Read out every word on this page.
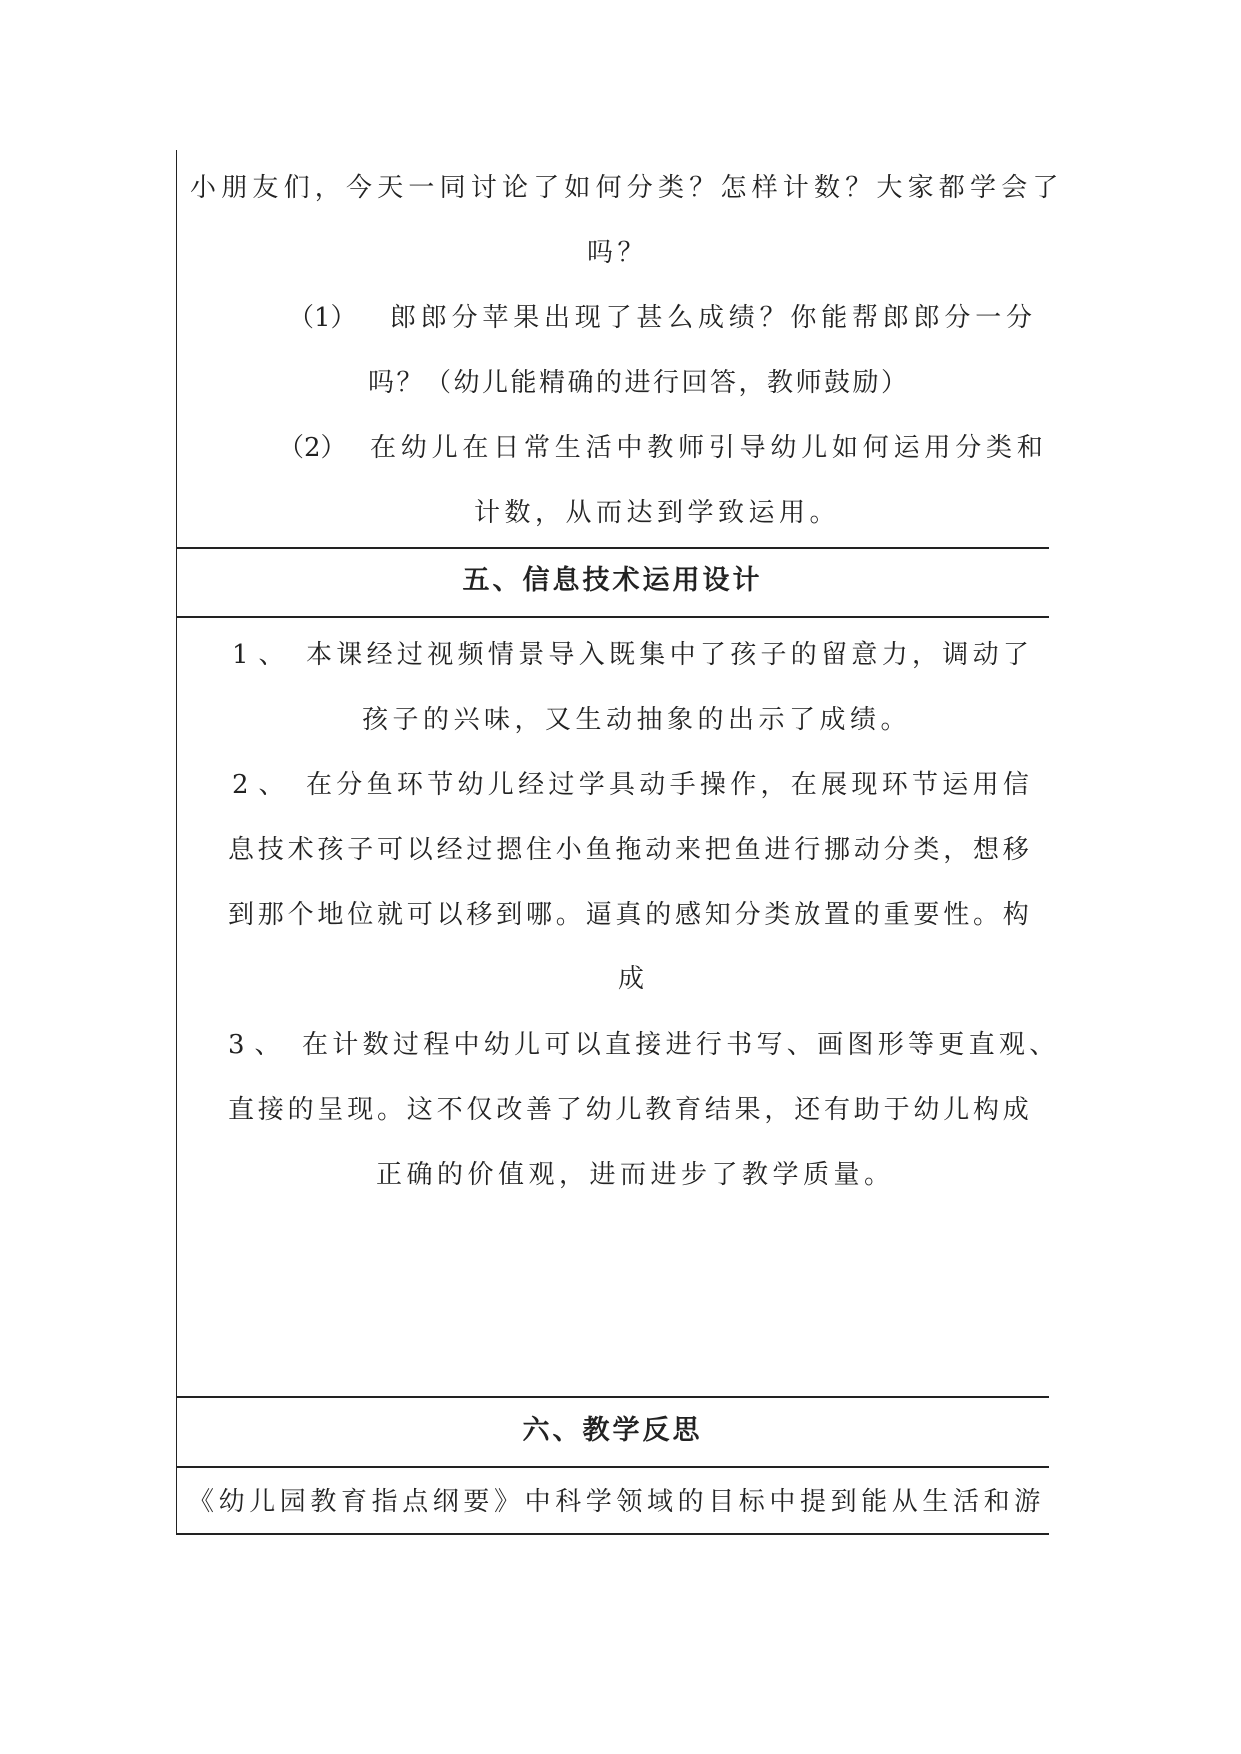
小朋友们，今天一同讨论了如何分类？怎样计数？大家都学会了
吗？
（1） 郎郎分苹果出现了甚么成绩？你能帮郎郎分一分
吗？（幼儿能精确的进行回答，教师鼓励）
（2） 在幼儿在日常生活中教师引导幼儿如何运用分类和
计数，从而达到学致运用。
五、信息技术运用设计
1、 本课经过视频情景导入既集中了孩子的留意力，调动了
孩子的兴味，又生动抽象的出示了成绩。
2、 在分鱼环节幼儿经过学具动手操作，在展现环节运用信
息技术孩子可以经过摁住小鱼拖动来把鱼进行挪动分类，想移
到那个地位就可以移到哪。逼真的感知分类放置的重要性。构
成
3、 在计数过程中幼儿可以直接进行书写、画图形等更直观、
直接的呈现。这不仅改善了幼儿教育结果，还有助于幼儿构成
正确的价值观，进而进步了教学质量。
六、教学反思
《幼儿园教育指点纲要》中科学领域的目标中提到能从生活和游
